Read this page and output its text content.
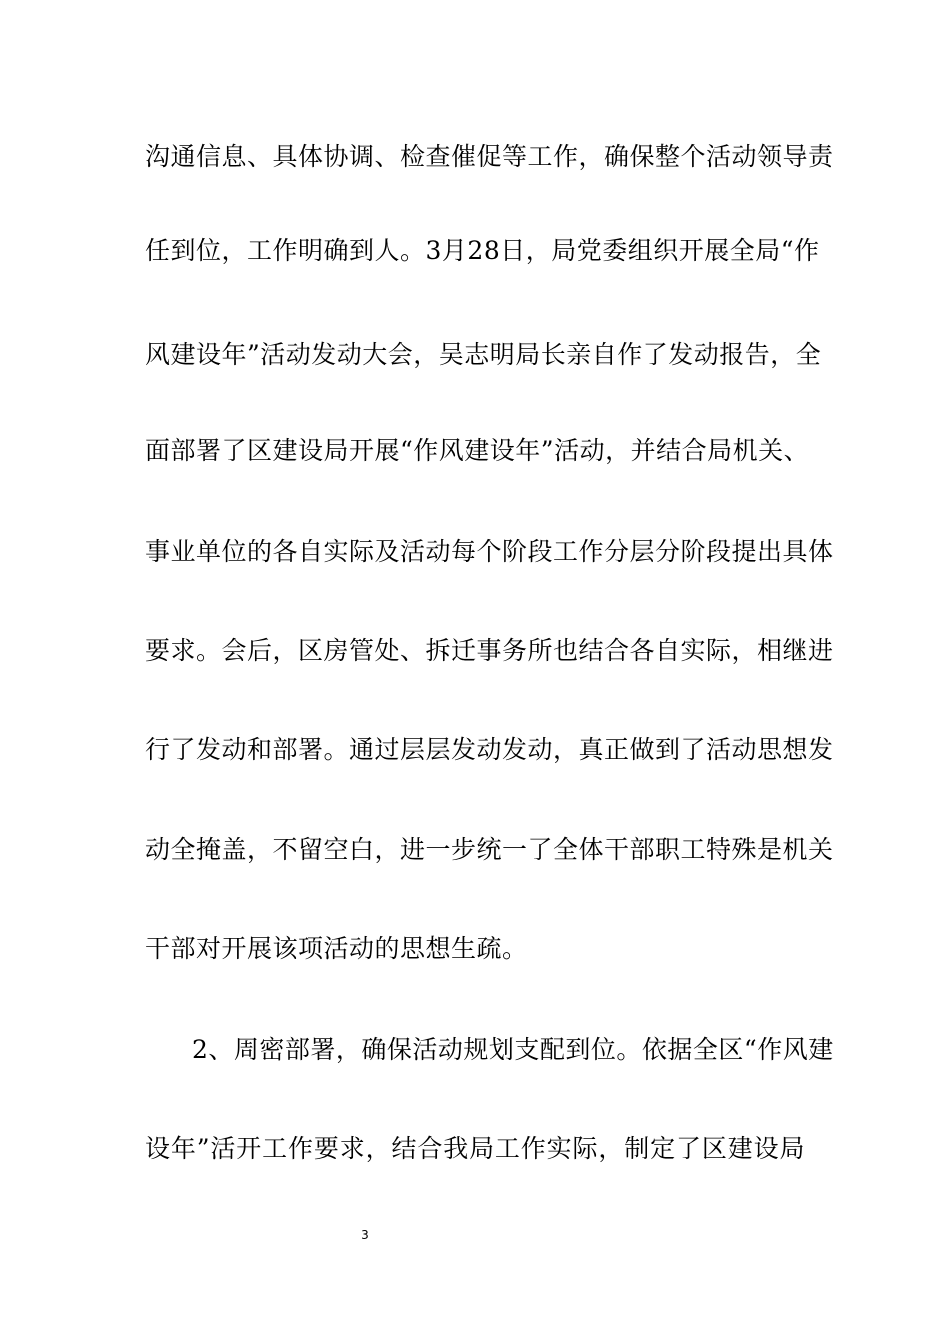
沟通信息、具体协调、检查催促等工作，确保整个活动领导责
任到位，工作明确到人。3月28日，局党委组织开展全局“作
风建设年”活动发动大会，吴志明局长亲自作了发动报告，全
面部署了区建设局开展“作风建设年”活动，并结合局机关、
事业单位的各自实际及活动每个阶段工作分层分阶段提出具体
要求。会后，区房管处、拆迁事务所也结合各自实际，相继进
行了发动和部署。通过层层发动发动，真正做到了活动思想发
动全掩盖，不留空白，进一步统一了全体干部职工特殊是机关
干部对开展该项活动的思想生疏。
2、周密部署，确保活动规划支配到位。依据全区“作风建
设年”活开工作要求，结合我局工作实际，制定了区建设局
3
